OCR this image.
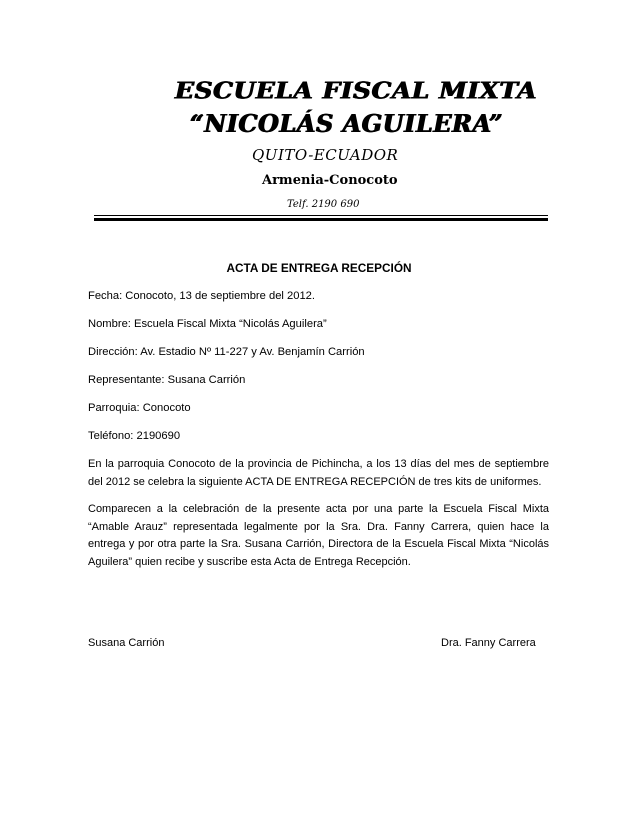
ESCUELA FISCAL MIXTA
“NICOLÁS AGUILERA”
QUITO-ECUADOR
Armenia-Conocoto
Telf. 2190 690
ACTA DE ENTREGA RECEPCIÓN
Fecha: Conocoto, 13 de septiembre del 2012.
Nombre: Escuela Fiscal Mixta “Nicolás Aguilera”
Dirección: Av. Estadio Nº 11-227 y Av. Benjamín Carrión
Representante: Susana Carrión
Parroquia: Conocoto
Teléfono: 2190690
En la parroquia Conocoto de la provincia de Pichincha, a los 13 días del mes de septiembre del 2012 se celebra la siguiente ACTA DE ENTREGA RECEPCIÓN de tres kits de uniformes.
Comparecen a la celebración de la presente acta por una parte la Escuela Fiscal Mixta “Amable Arauz” representada legalmente por la Sra. Dra. Fanny Carrera, quien hace la entrega y por otra parte la Sra. Susana Carrión, Directora de la Escuela Fiscal Mixta “Nicolás Aguilera” quien recibe y suscribe esta Acta de Entrega Recepción.
Susana Carrión	Dra. Fanny Carrera
